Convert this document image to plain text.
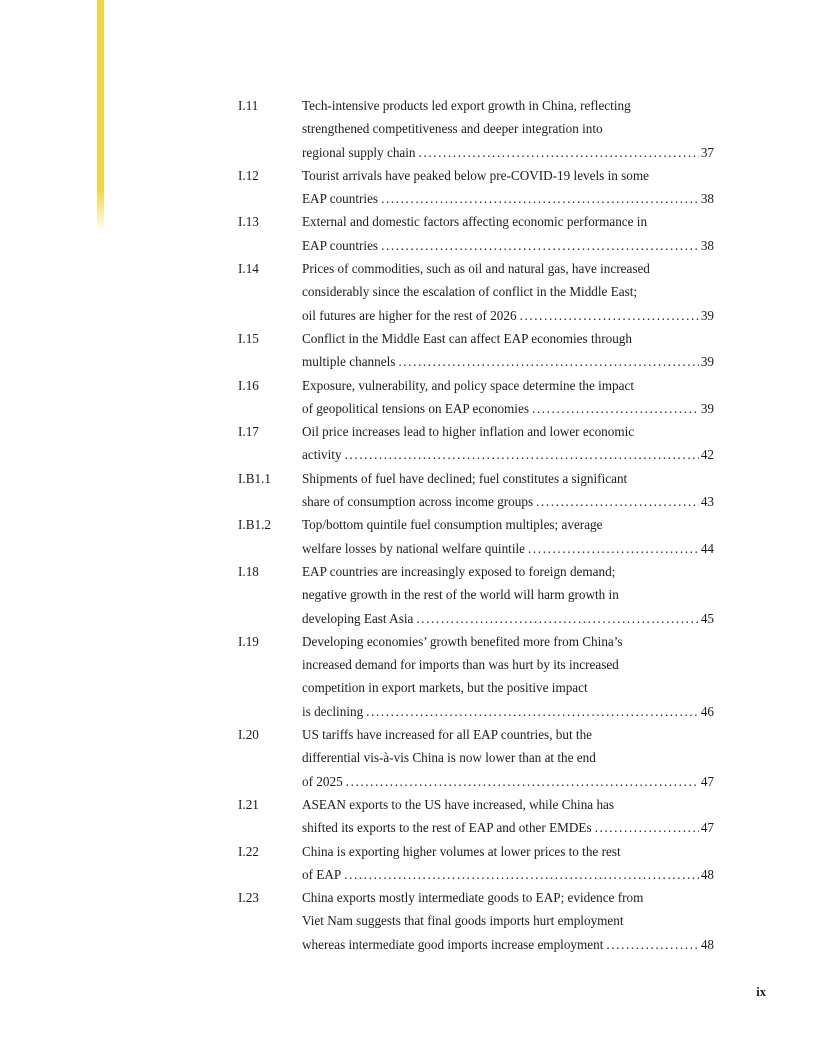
I.11	Tech-intensive products led export growth in China, reflecting
strengthened competitiveness and deeper integration into
regional supply chain .....	37
I.12	Tourist arrivals have peaked below pre-COVID-19 levels in some
EAP countries .....	38
I.13	External and domestic factors affecting economic performance in
EAP countries .....	38
I.14	Prices of commodities, such as oil and natural gas, have increased
considerably since the escalation of conflict in the Middle East;
oil futures are higher for the rest of 2026 .....	39
I.15	Conflict in the Middle East can affect EAP economies through
multiple channels .....	39
I.16	Exposure, vulnerability, and policy space determine the impact
of geopolitical tensions on EAP economies .....	39
I.17	Oil price increases lead to higher inflation and lower economic
activity .....	42
I.B1.1	Shipments of fuel have declined; fuel constitutes a significant
share of consumption across income groups .....	43
I.B1.2	Top/bottom quintile fuel consumption multiples; average
welfare losses by national welfare quintile .....	44
I.18	EAP countries are increasingly exposed to foreign demand;
negative growth in the rest of the world will harm growth in
developing East Asia .....	45
I.19	Developing economies’ growth benefited more from China’s
increased demand for imports than was hurt by its increased
competition in export markets, but the positive impact
is declining .....	46
I.20	US tariffs have increased for all EAP countries, but the
differential vis-à-vis China is now lower than at the end
of 2025 .....	47
I.21	ASEAN exports to the US have increased, while China has
shifted its exports to the rest of EAP and other EMDEs .....	47
I.22	China is exporting higher volumes at lower prices to the rest
of EAP .....	48
I.23	China exports mostly intermediate goods to EAP; evidence from
Viet Nam suggests that final goods imports hurt employment
whereas intermediate good imports increase employment .....	48
ix
